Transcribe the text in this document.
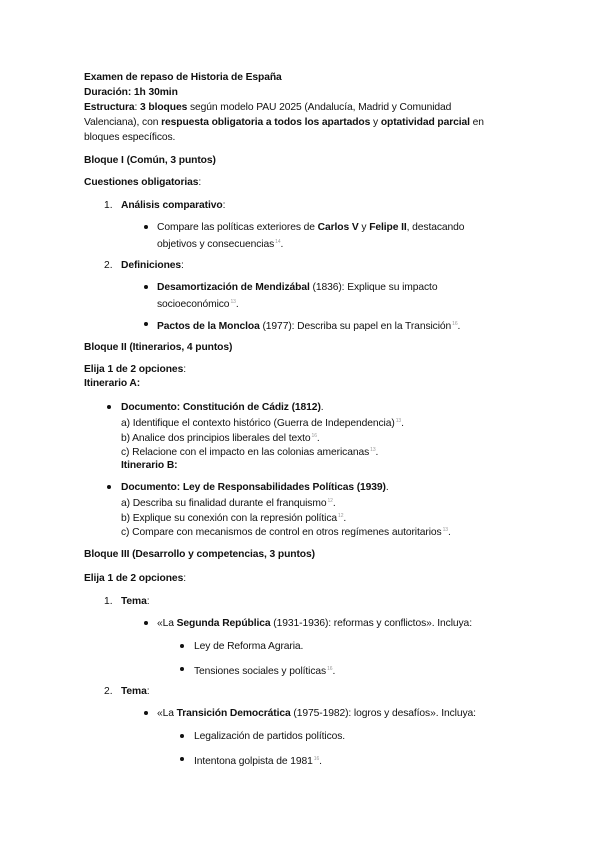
Examen de repaso de Historia de España
Duración: 1h 30min
Estructura: 3 bloques según modelo PAU 2025 (Andalucía, Madrid y Comunidad
Valenciana), con respuesta obligatoria a todos los apartados y optatividad parcial en
bloques específicos.
Bloque I (Común, 3 puntos)
Cuestiones obligatorias:
1. Análisis comparativo:
Compare las políticas exteriores de Carlos V y Felipe II, destacando
objetivos y consecuencias$^{14}$.
2. Definiciones:
Desamortización de Mendizábal (1836): Explique su impacto
socioeconómico$^{13}$.
Pactos de la Moncloa (1977): Describa su papel en la Transición$^{16}$.
Bloque II (Itinerarios, 4 puntos)
Elija 1 de 2 opciones:
Itinerario A:
Documento: Constitución de Cádiz (1812).
a) Identifique el contexto histórico (Guerra de Independencia)$^{13}$.
b) Analice dos principios liberales del texto$^{16}$.
c) Relacione con el impacto en las colonias americanas$^{13}$.
Itinerario B:
Documento: Ley de Responsabilidades Políticas (1939).
a) Describa su finalidad durante el franquismo$^{12}$.
b) Explique su conexión con la represión política$^{12}$.
c) Compare con mecanismos de control en otros regímenes autoritarios$^{13}$.
Bloque III (Desarrollo y competencias, 3 puntos)
Elija 1 de 2 opciones:
1. Tema:
«La Segunda República (1931-1936): reformas y conflictos». Incluya:
Ley de Reforma Agraria.
Tensiones sociales y políticas$^{16}$.
2. Tema:
«La Transición Democrática (1975-1982): logros y desafíos». Incluya:
Legalización de partidos políticos.
Intentona golpista de 1981$^{16}$.
